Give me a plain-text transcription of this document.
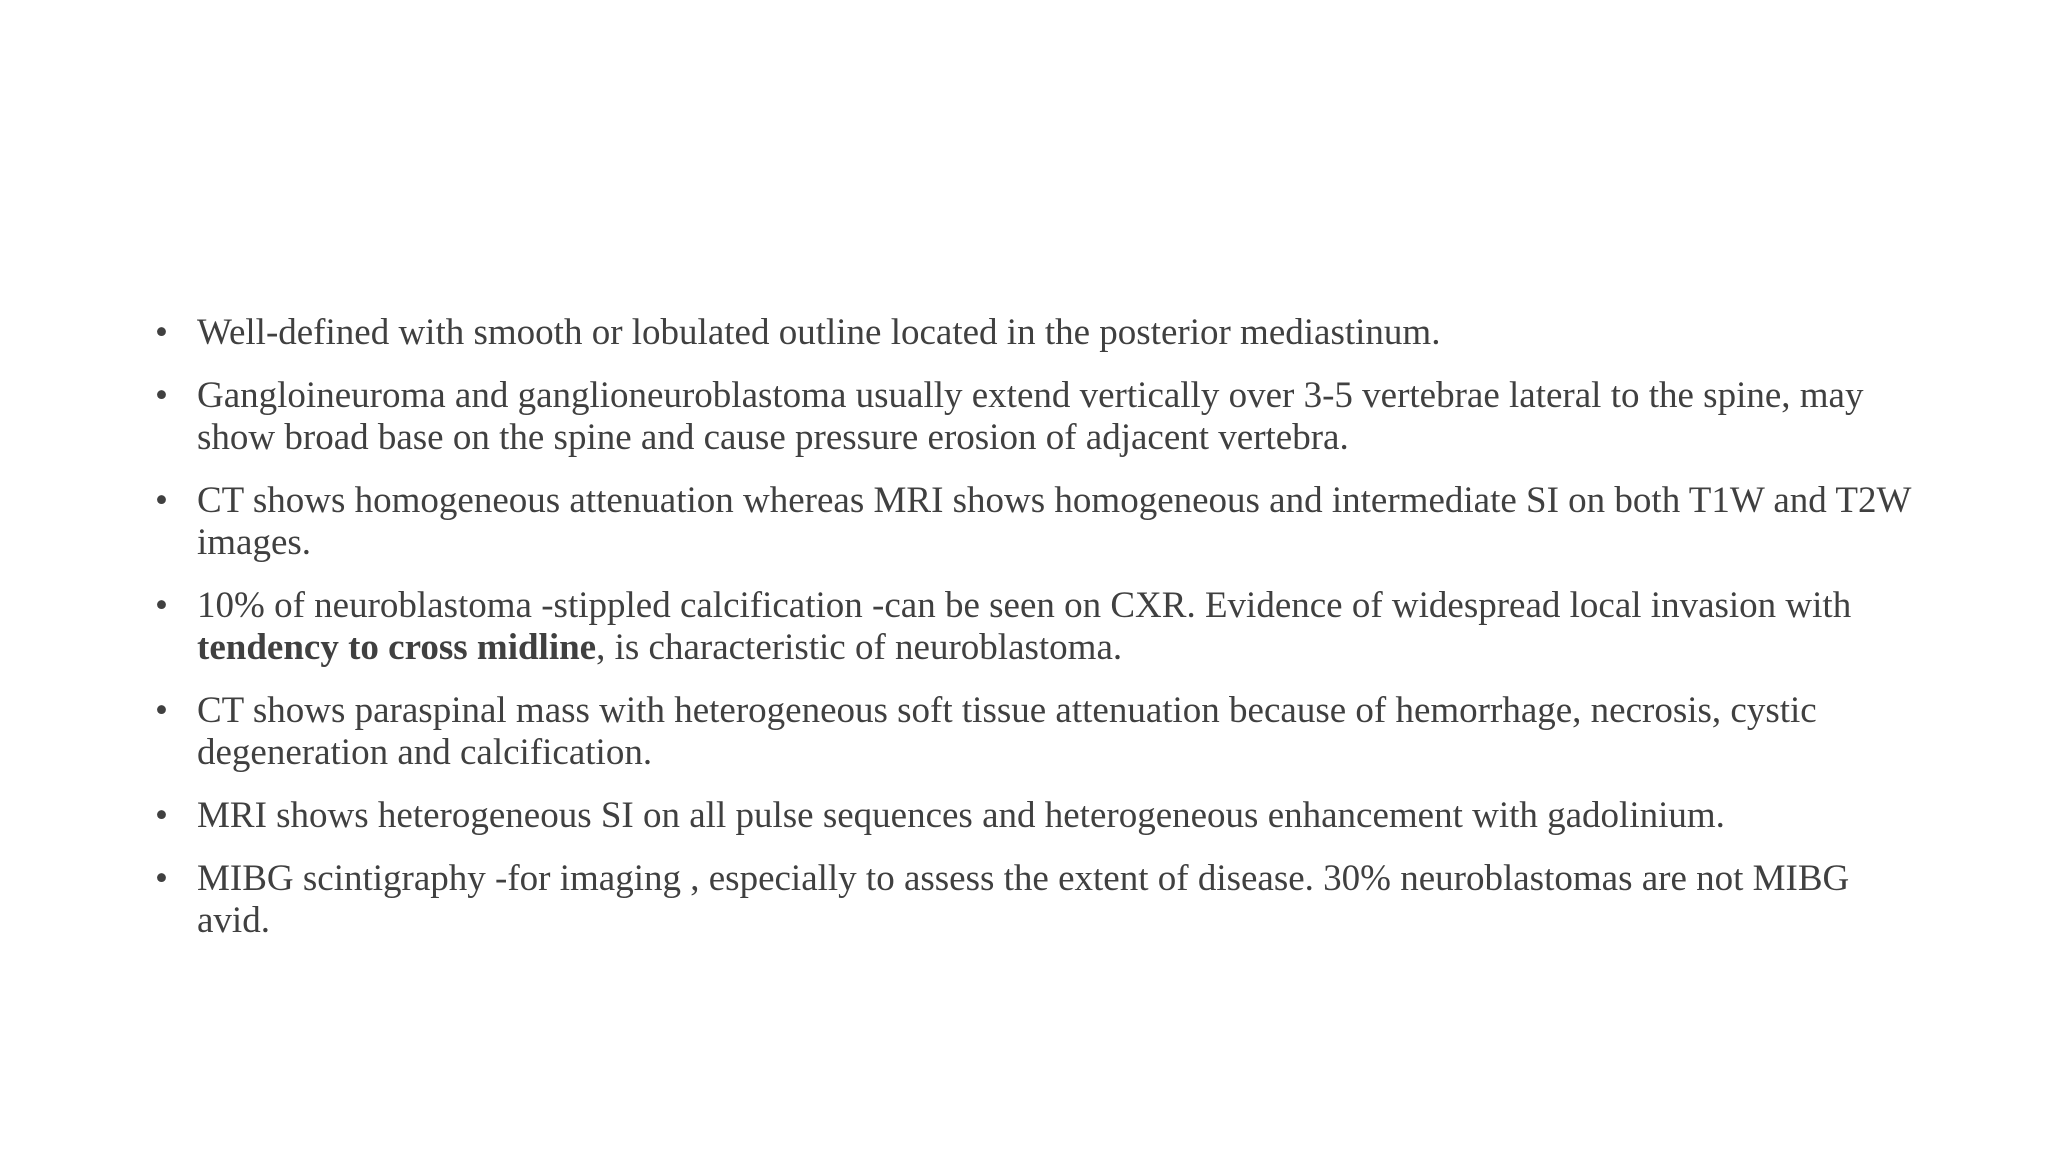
• Well-defined with smooth or lobulated outline located in the posterior mediastinum.
• Gangloineuroma and ganglioneuroblastoma usually extend vertically over 3-5 vertebrae lateral to the spine, may show broad base on the spine and cause pressure erosion of adjacent vertebra.
• CT shows homogeneous attenuation whereas MRI shows homogeneous and intermediate SI on both T1W and T2W images.
• 10% of neuroblastoma -stippled calcification -can be seen on CXR. Evidence of widespread local invasion with tendency to cross midline, is characteristic of neuroblastoma.
• CT shows paraspinal mass with heterogeneous soft tissue attenuation because of hemorrhage, necrosis, cystic degeneration and calcification.
• MRI shows heterogeneous SI on all pulse sequences and heterogeneous enhancement with gadolinium.
• MIBG scintigraphy -for imaging , especially to assess the extent of disease. 30% neuroblastomas are not MIBG avid.
